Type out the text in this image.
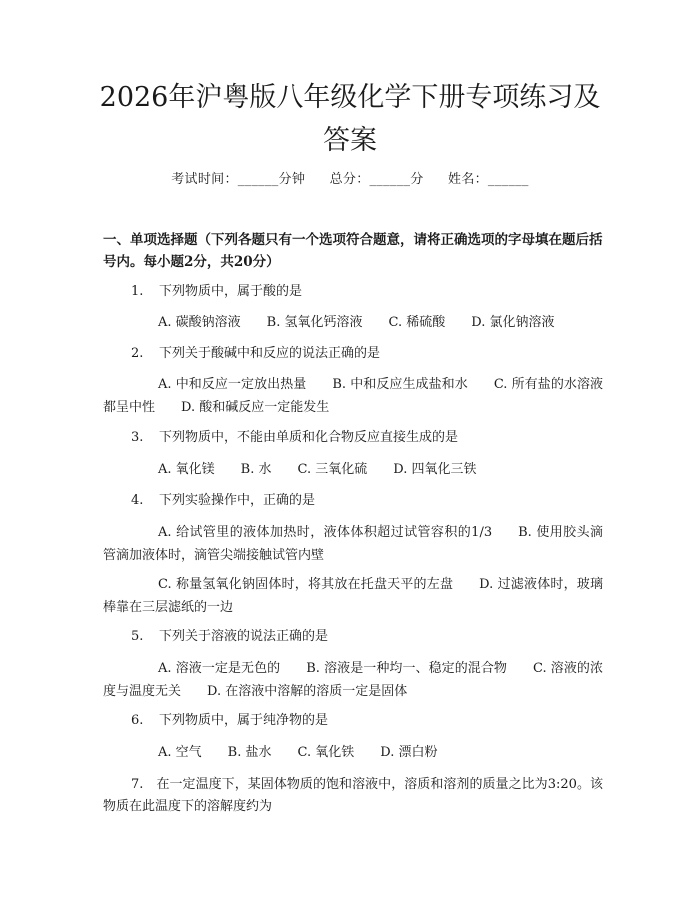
2026年沪粤版八年级化学下册专项练习及答案
考试时间：______分钟 总分：______分 姓名：______
一、单项选择题（下列各题只有一个选项符合题意，请将正确选项的字母填在题后括号内。每小题2分，共20分）
1. 下列物质中，属于酸的是
A. 碳酸钠溶液   B. 氢氧化钙溶液   C. 稀硫酸   D. 氯化钠溶液
2. 下列关于酸碱中和反应的说法正确的是
A. 中和反应一定放出热量   B. 中和反应生成盐和水   C. 所有盐的水溶液都呈中性   D. 酸和碱反应一定能发生
3. 下列物质中，不能由单质和化合物反应直接生成的是
A. 氧化镁   B. 水   C. 三氧化硫   D. 四氧化三铁
4. 下列实验操作中，正确的是
A. 给试管里的液体加热时，液体体积超过试管容积的1/3   B. 使用胶头滴管滴加液体时，滴管尖端接触试管内壁
C. 称量氢氧化钠固体时，将其放在托盘天平的左盘   D. 过滤液体时，玻璃棒靠在三层滤纸的一边
5. 下列关于溶液的说法正确的是
A. 溶液一定是无色的   B. 溶液是一种均一、稳定的混合物   C. 溶液的浓度与温度无关   D. 在溶液中溶解的溶质一定是固体
6. 下列物质中，属于纯净物的是
A. 空气   B. 盐水   C. 氧化铁   D. 漂白粉
7.  在一定温度下，某固体物质的饱和溶液中，溶质和溶剂的质量之比为3:20。该物质在此温度下的溶解度约为
